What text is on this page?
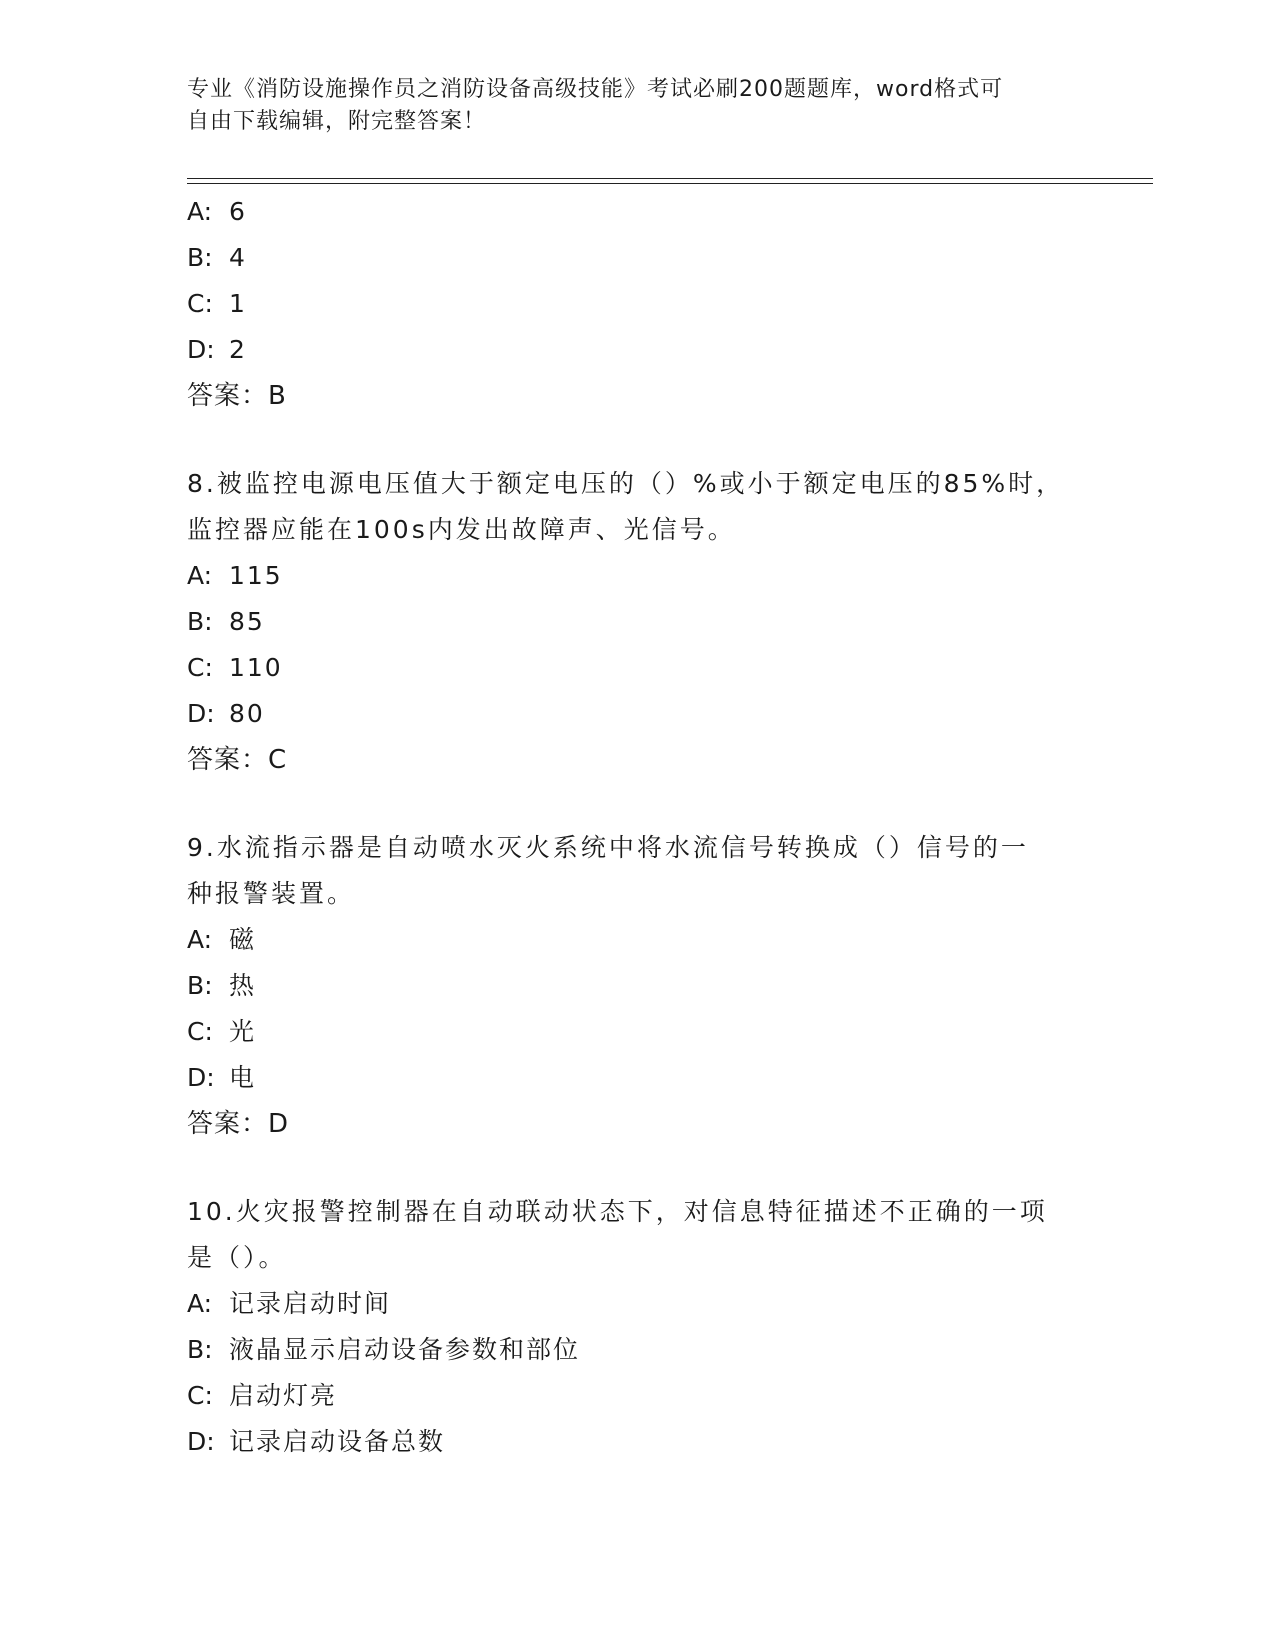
专业《消防设施操作员之消防设备高级技能》考试必刷200题题库，word格式可
自由下载编辑，附完整答案！
A: 6
B: 4
C: 1
D: 2
答案：B
8.被监控电源电压值大于额定电压的（）%或小于额定电压的85%时，
监控器应能在100s内发出故障声、光信号。
A: 115
B: 85
C: 110
D: 80
答案：C
9.水流指示器是自动喷水灭火系统中将水流信号转换成（）信号的一
种报警装置。
A: 磁
B: 热
C: 光
D: 电
答案：D
10.火灾报警控制器在自动联动状态下，对信息特征描述不正确的一项
是（）。
A: 记录启动时间
B: 液晶显示启动设备参数和部位
C: 启动灯亮
D: 记录启动设备总数
